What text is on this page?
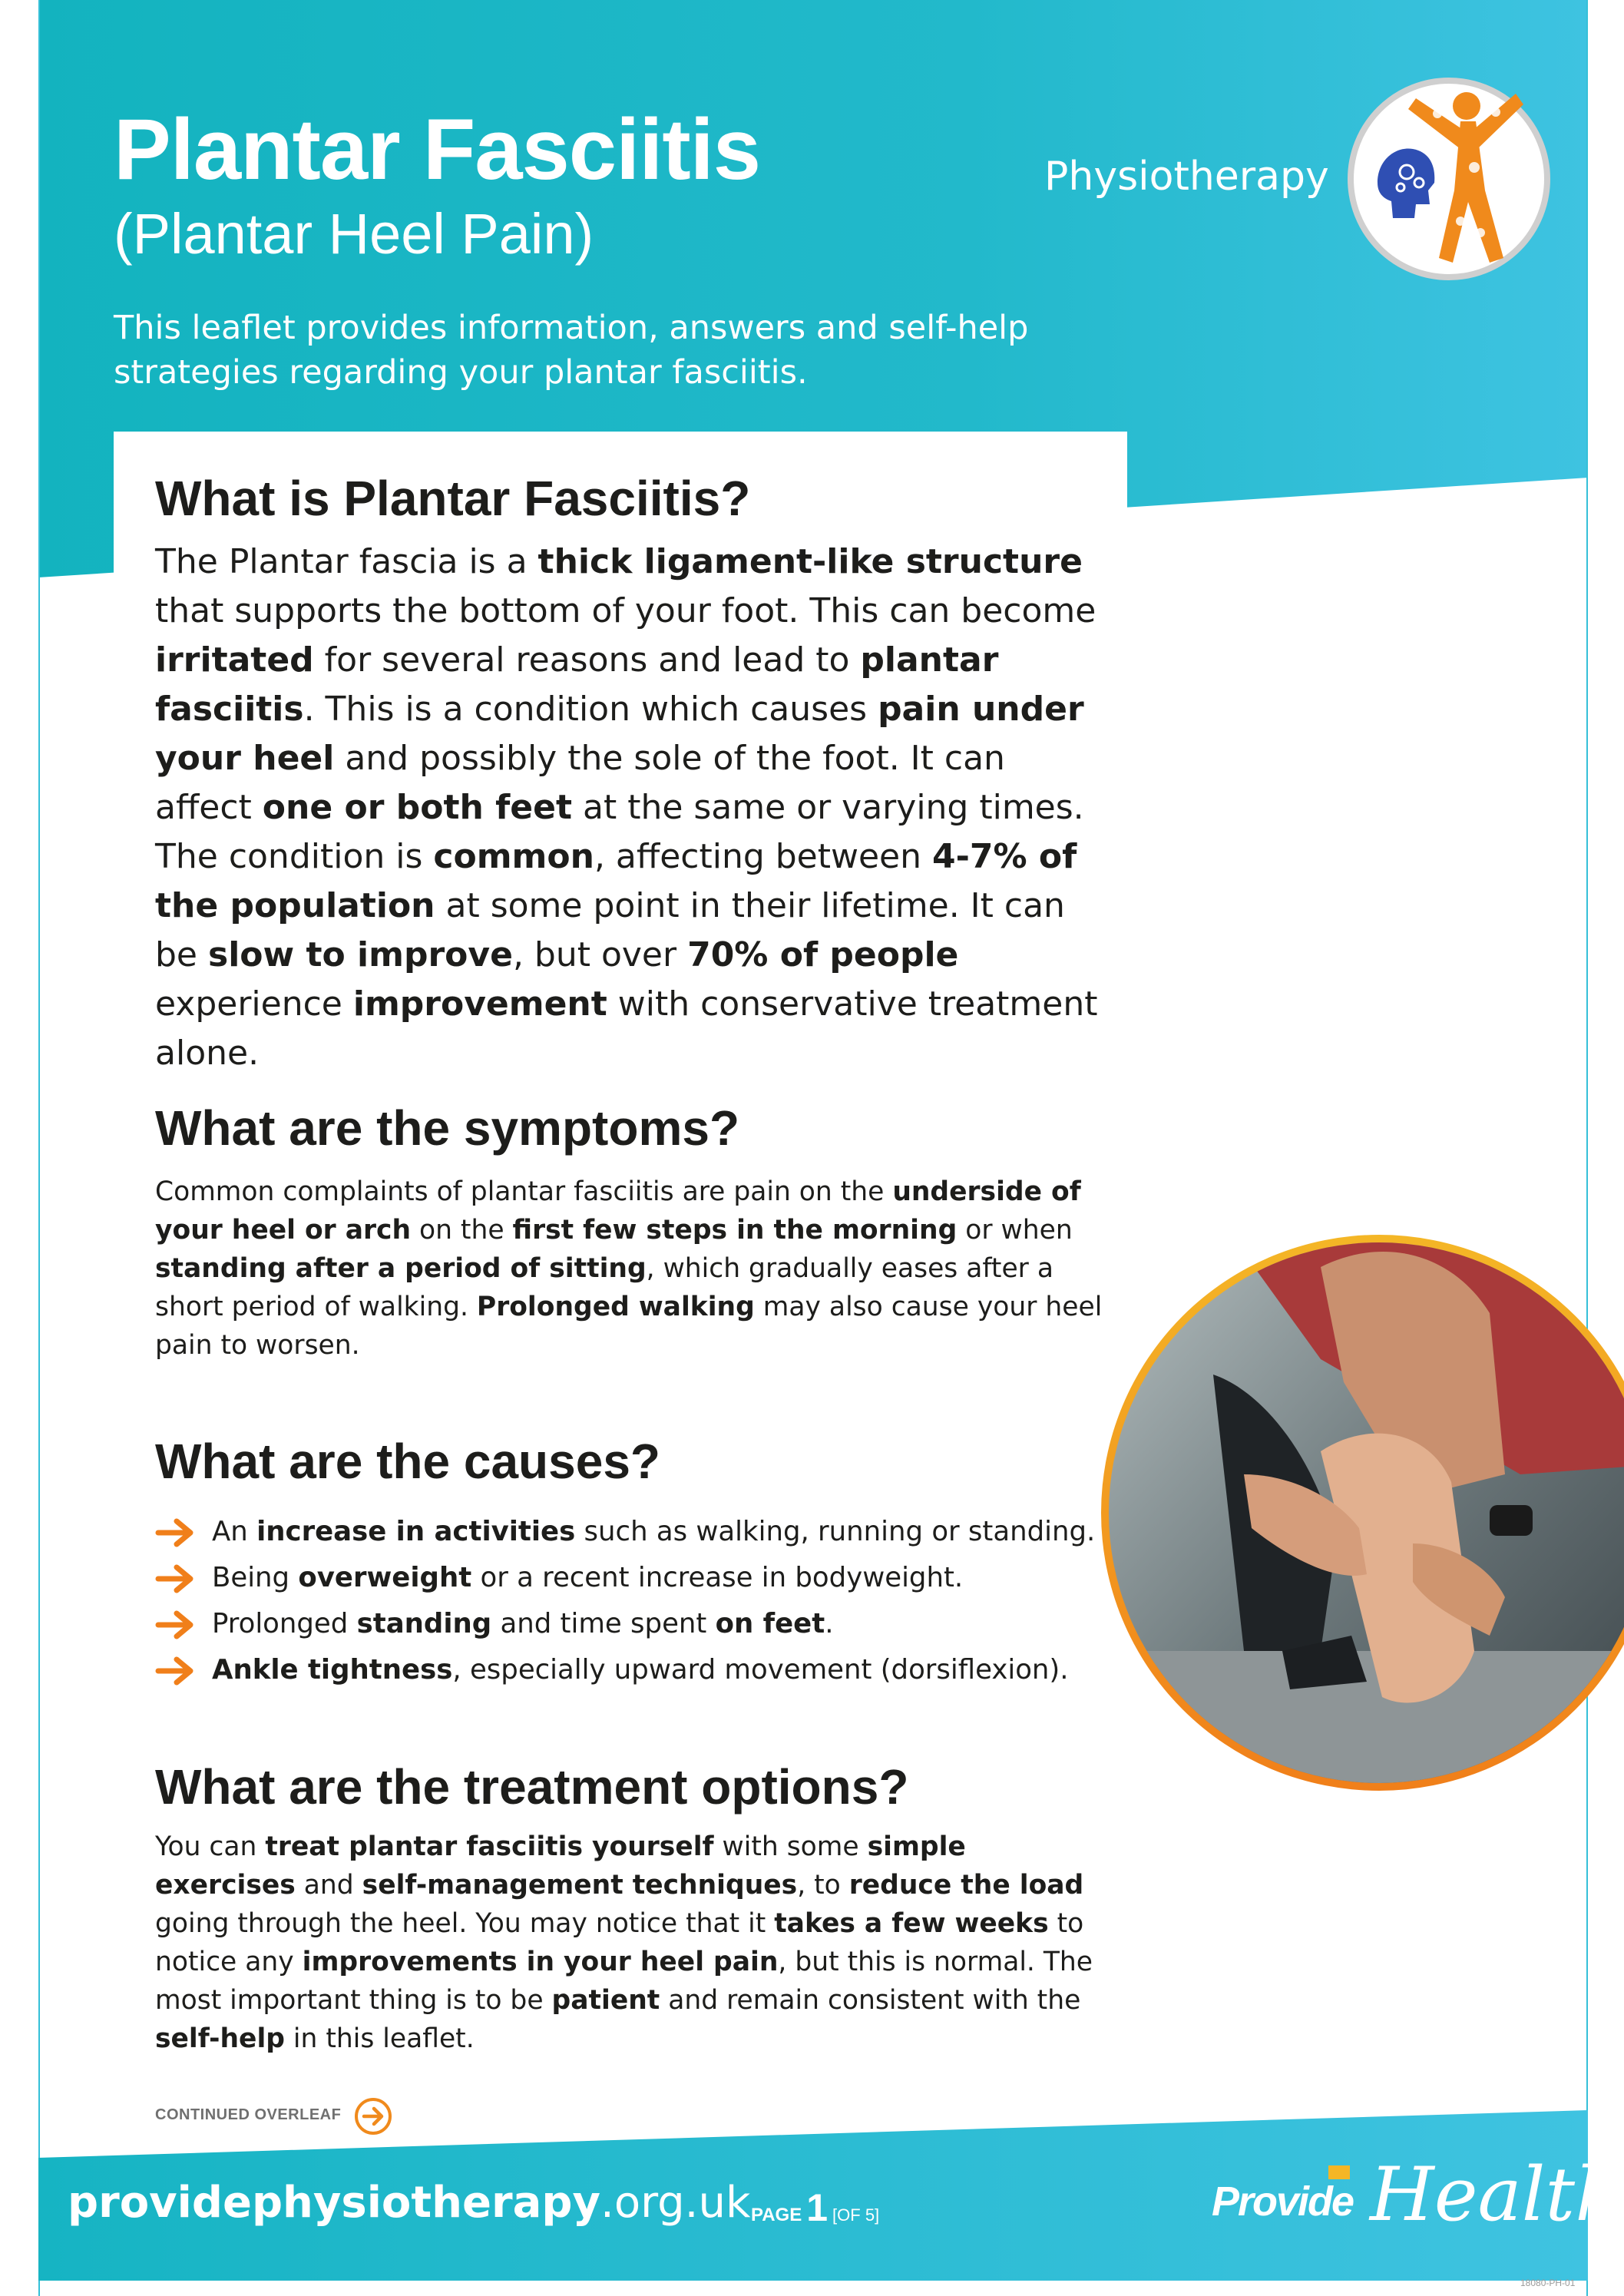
Plantar Fasciitis
(Plantar Heel Pain)
This leaflet provides information, answers and self-help strategies regarding your plantar fasciitis.
Physiotherapy
What is Plantar Fasciitis?

The Plantar fascia is a thick ligament-like structure that supports the bottom of your foot. This can become irritated for several reasons and lead to plantar fasciitis. This is a condition which causes pain under your heel and possibly the sole of the foot. It can affect one or both feet at the same or varying times. The condition is common, affecting between 4-7% of the population at some point in their lifetime. It can be slow to improve, but over 70% of people experience improvement with conservative treatment alone.

What are the symptoms?

Common complaints of plantar fasciitis are pain on the underside of your heel or arch on the first few steps in the morning or when standing after a period of sitting, which gradually eases after a short period of walking. Prolonged walking may also cause your heel pain to worsen.

What are the causes?
An increase in activities such as walking, running or standing.
Being overweight or a recent increase in bodyweight.
Prolonged standing and time spent on feet.
Ankle tightness, especially upward movement (dorsiflexion).
What are the treatment options?

You can treat plantar fasciitis yourself with some simple exercises and self-management techniques, to reduce the load going through the heel. You may notice that it takes a few weeks to notice any improvements in your heel pain, but this is normal. The most important thing is to be patient and remain consistent with the self-help in this leaflet.

CONTINUED OVERLEAF
providephysiotherapy.org.uk PAGE 1 [OF 5]	Provide Health
18080-PH-01
